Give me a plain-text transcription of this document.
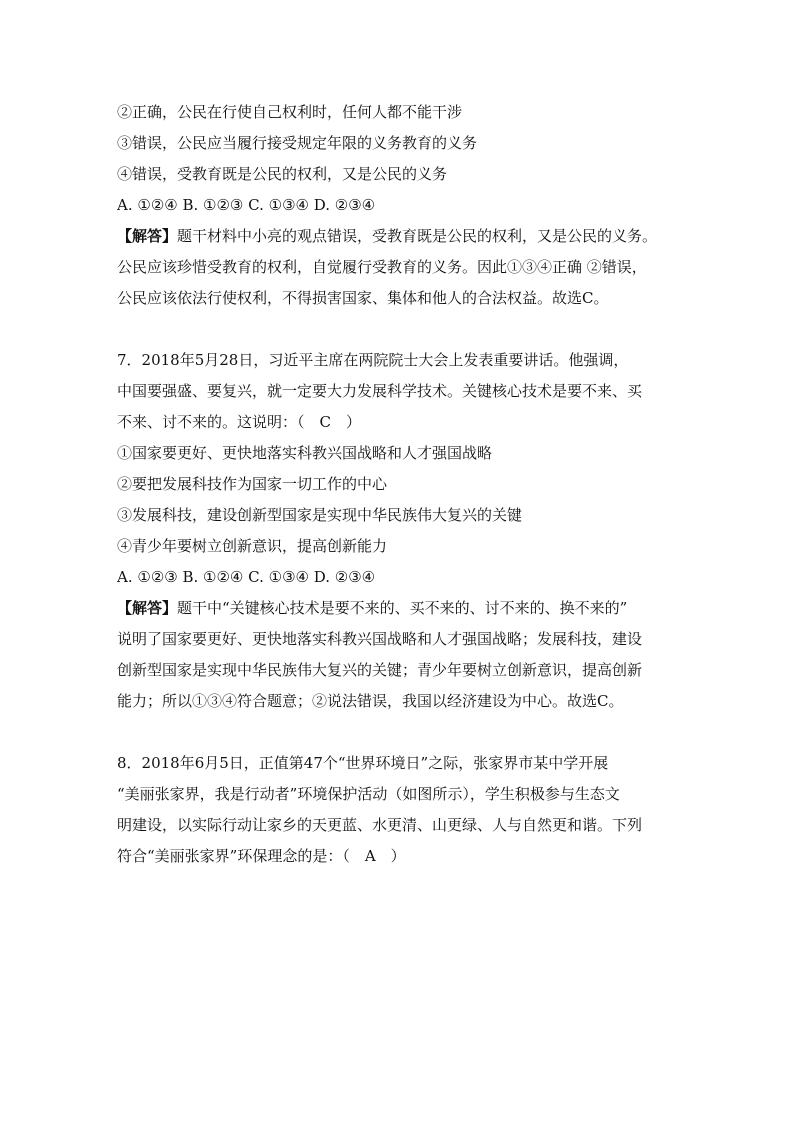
②正确，公民在行使自己权利时，任何人都不能干涉
③错误，公民应当履行接受规定年限的义务教育的义务
④错误，受教育既是公民的权利，又是公民的义务
A. ①②④ B. ①②③ C. ①③④ D. ②③④
【解答】题干材料中小亮的观点错误，受教育既是公民的权利，又是公民的义务。
公民应该珍惜受教育的权利，自觉履行受教育的义务。因此①③④正确 ②错误，
公民应该依法行使权利，不得损害国家、集体和他人的合法权益。故选C。
7．2018年5月28日，习近平主席在两院院士大会上发表重要讲话。他强调，
中国要强盛、要复兴，就一定要大力发展科学技术。关键核心技术是要不来、买
不来、讨不来的。这说明：（　C　）
①国家要更好、更快地落实科教兴国战略和人才强国战略
②要把发展科技作为国家一切工作的中心
③发展科技，建设创新型国家是实现中华民族伟大复兴的关键
④青少年要树立创新意识，提高创新能力
A. ①②③ B. ①②④ C. ①③④ D. ②③④
【解答】题干中“关键核心技术是要不来的、买不来的、讨不来的、换不来的”
说明了国家要更好、更快地落实科教兴国战略和人才强国战略；发展科技，建设
创新型国家是实现中华民族伟大复兴的关键；青少年要树立创新意识，提高创新
能力；所以①③④符合题意；②说法错误，我国以经济建设为中心。故选C。
8．2018年6月5日，正值第47个“世界环境日”之际，张家界市某中学开展
“美丽张家界，我是行动者”环境保护活动（如图所示），学生积极参与生态文
明建设，以实际行动让家乡的天更蓝、水更清、山更绿、人与自然更和谐。下列
符合“美丽张家界”环保理念的是：（　A　）
